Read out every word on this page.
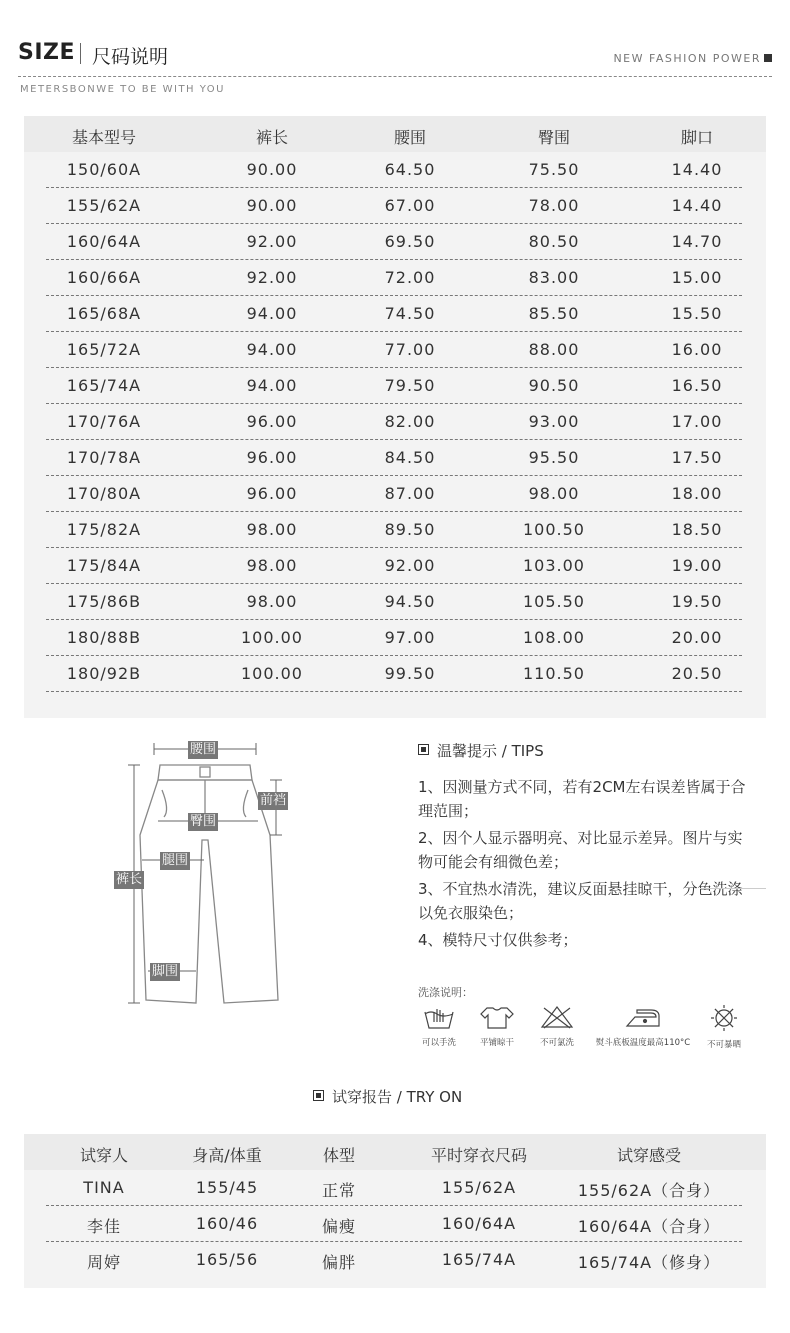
SIZE 尺码说明	NEW FASHION POWER
METERSBONWE TO BE WITH YOU
基本型号	裤长	腰围	臀围	脚口
150/60A	90.00	64.50	75.50	14.40
155/62A	90.00	67.00	78.00	14.40
160/64A	92.00	69.50	80.50	14.70
160/66A	92.00	72.00	83.00	15.00
165/68A	94.00	74.50	85.50	15.50
165/72A	94.00	77.00	88.00	16.00
165/74A	94.00	79.50	90.50	16.50
170/76A	96.00	82.00	93.00	17.00
170/78A	96.00	84.50	95.50	17.50
170/80A	96.00	87.00	98.00	18.00
175/82A	98.00	89.50	100.50	18.50
175/84A	98.00	92.00	103.00	19.00
175/86B	98.00	94.50	105.50	19.50
180/88B	100.00	97.00	108.00	20.00
180/92B	100.00	99.50	110.50	20.50
腰围
前裆
臀围
腿围
裤长
脚围
温馨提示 / TIPS
1、因测量方式不同，若有2CM左右误差皆属于合理范围；
2、因个人显示器明亮、对比显示差异。图片与实物可能会有细微色差；
3、不宜热水清洗，建议反面悬挂晾干，分色洗涤以免衣服染色；
4、模特尺寸仅供参考；
洗涤说明：
可以手洗	平铺晾干	不可氯洗	熨斗底板温度最高110°C	不可暴晒
试穿报告 / TRY ON
试穿人	身高/体重	体型	平时穿衣尺码	试穿感受
TINA	155/45	正常	155/62A	155/62A（合身）
李佳	160/46	偏瘦	160/64A	160/64A（合身）
周婷	165/56	偏胖	165/74A	165/74A（修身）
